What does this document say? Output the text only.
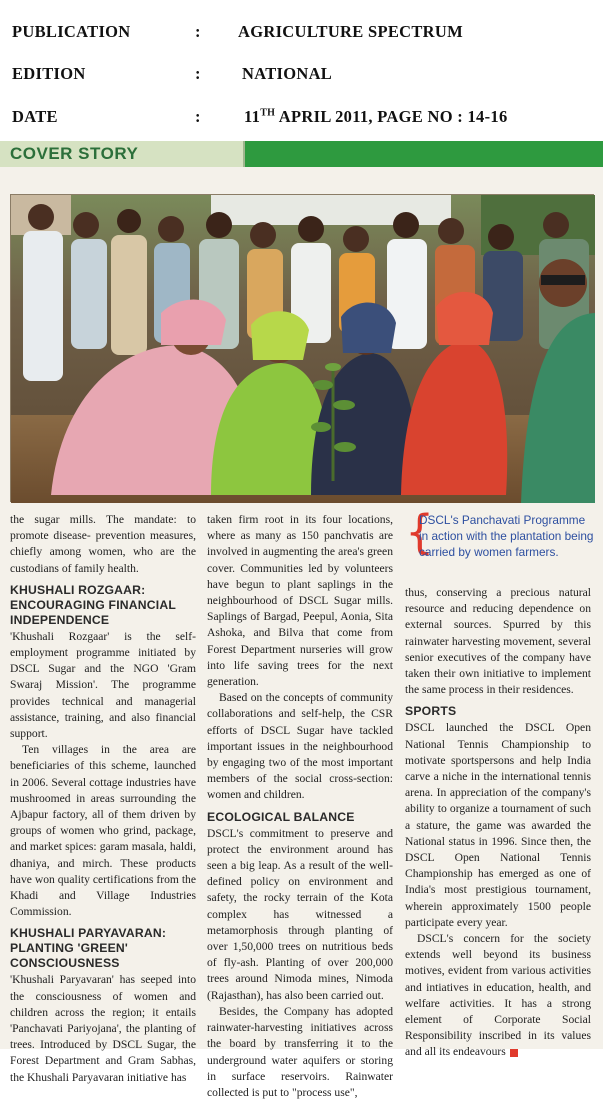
PUBLICATION	: AGRICULTURE SPECTRUM
EDITION	: NATIONAL
DATE	:	11TH APRIL 2011, PAGE NO : 14-16
COVER STORY
{
DSCL's Panchavati Programme in action with the plantation being carried by women farmers.

the sugar mills. The mandate: to promote disease- prevention measures, chiefly among women, who are the custodians of family health.

KHUSHALI ROZGAAR: ENCOURAGING FINANCIAL INDEPENDENCE

'Khushali Rozgaar' is the self-employment programme initiated by DSCL Sugar and the NGO 'Gram Swaraj Mission'. The programme provides technical and managerial assistance, training, and also financial support.

Ten villages in the area are beneficiaries of this scheme, launched in 2006. Several cottage industries have mushroomed in areas surrounding the Ajbapur factory, all of them driven by groups of women who grind, package, and market spices: garam masala, haldi, dhaniya, and mirch. These products have won quality certifications from the Khadi and Village Industries Commission.

KHUSHALI PARYAVARAN: PLANTING 'GREEN' CONSCIOUSNESS

'Khushali Paryavaran' has seeped into the consciousness of women and children across the region; it entails 'Panchavati Pariyojana', the planting of trees. Introduced by DSCL Sugar, the Forest Department and Gram Sabhas, the Khushali Paryavaran initiative has

taken firm root in its four locations, where as many as 150 panchvatis are involved in augmenting the area's green cover. Communities led by volunteers have begun to plant saplings in the neighbourhood of DSCL Sugar mills. Saplings of Bargad, Peepul, Aonia, Sita Ashoka, and Bilva that come from Forest Department nurseries will grow into life saving trees for the next generation.

Based on the concepts of community collaborations and self-help, the CSR efforts of DSCL Sugar have tackled important issues in the neighbourhood by engaging two of the most important members of the social cross-section: women and children.

ECOLOGICAL BALANCE

DSCL's commitment to preserve and protect the environment around has seen a big leap. As a result of the well-defined policy on environment and safety, the rocky terrain of the Kota complex has witnessed a metamorphosis through planting of over 1,50,000 trees on nutritious beds of fly-ash. Planting of over 200,000 trees around Nimoda mines, Nimoda (Rajasthan), has also been carried out.

Besides, the Company has adopted rainwater-harvesting initiatives across the board by transferring it to the underground water aquifers or storing in surface reservoirs. Rainwater collected is put to "process use",

thus, conserving a precious natural resource and reducing dependence on external sources. Spurred by this rainwater harvesting movement, several senior executives of the company have taken their own initiative to implement the same process in their residences.

SPORTS

DSCL launched the DSCL Open National Tennis Championship to motivate sportspersons and help India carve a niche in the international tennis arena. In appreciation of the company's ability to organize a tournament of such a stature, the game was awarded the National status in 1996. Since then, the DSCL Open National Tennis Championship has emerged as one of India's most prestigious tournament, wherein approximately 1500 people participate every year.

DSCL's concern for the society extends well beyond its business motives, evident from various activities and intiatives in education, health, and welfare activities. It has a strong element of Corporate Social Responsibility inscribed in its values and all its endeavours
